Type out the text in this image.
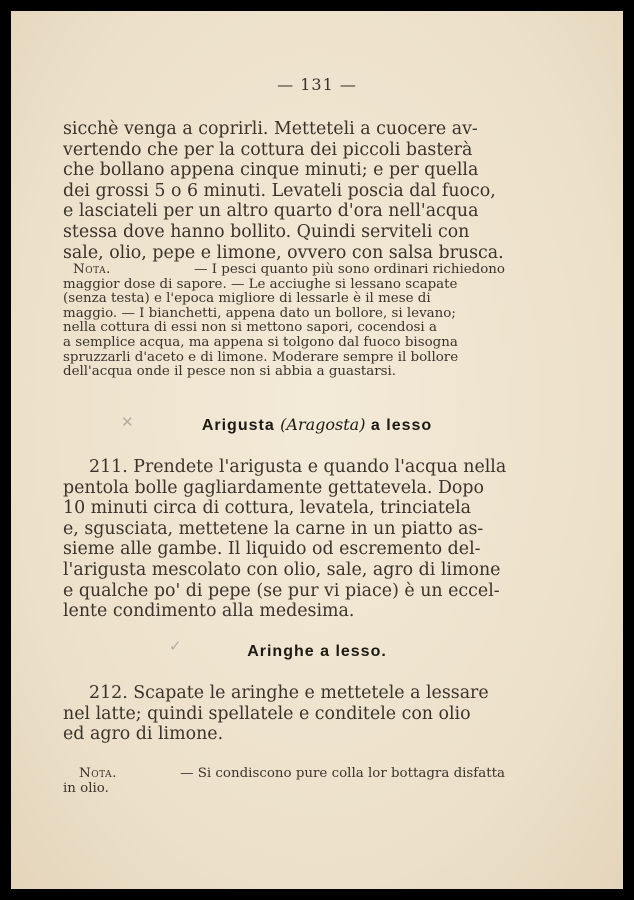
— 131 —
sicchè venga a coprirli. Metteteli a cuocere av-
vertendo che per la cottura dei piccoli basterà
che bollano appena cinque minuti; e per quella
dei grossi 5 o 6 minuti. Levateli poscia dal fuoco,
e lasciateli per un altro quarto d'ora nell'acqua
stessa dove hanno bollito. Quindi serviteli con
sale, olio, pepe e limone, ovvero con salsa brusca.
Nota.	— I pesci quanto più sono ordinari richiedono
maggior dose di sapore. — Le acciughe si lessano scapate
(senza testa) e l'epoca migliore di lessarle è il mese di
maggio. — I bianchetti, appena dato un bollore, si levano;
nella cottura di essi non si mettono sapori, cocendosi a
a semplice acqua, ma appena si tolgono dal fuoco bisogna
spruzzarli d'aceto e di limone. Moderare sempre il bollore
dell'acqua onde il pesce non si abbia a guastarsi.
✕	Arigusta (Aragosta) a lesso
211. Prendete l'arigusta e quando l'acqua nella
pentola bolle gagliardamente gettatevela. Dopo
10 minuti circa di cottura, levatela, trinciatela
e, sgusciata, mettetene la carne in un piatto as-
sieme alle gambe. Il liquido od escremento del-
l'arigusta mescolato con olio, sale, agro di limone
e qualche po' di pepe (se pur vi piace) è un eccel-
lente condimento alla medesima.
✓	Aringhe a lesso.
212. Scapate le aringhe e mettetele a lessare
nel latte; quindi spellatele e conditele con olio
ed agro di limone.
Nota.	— Si condiscono pure colla lor bottagra disfatta
in olio.
